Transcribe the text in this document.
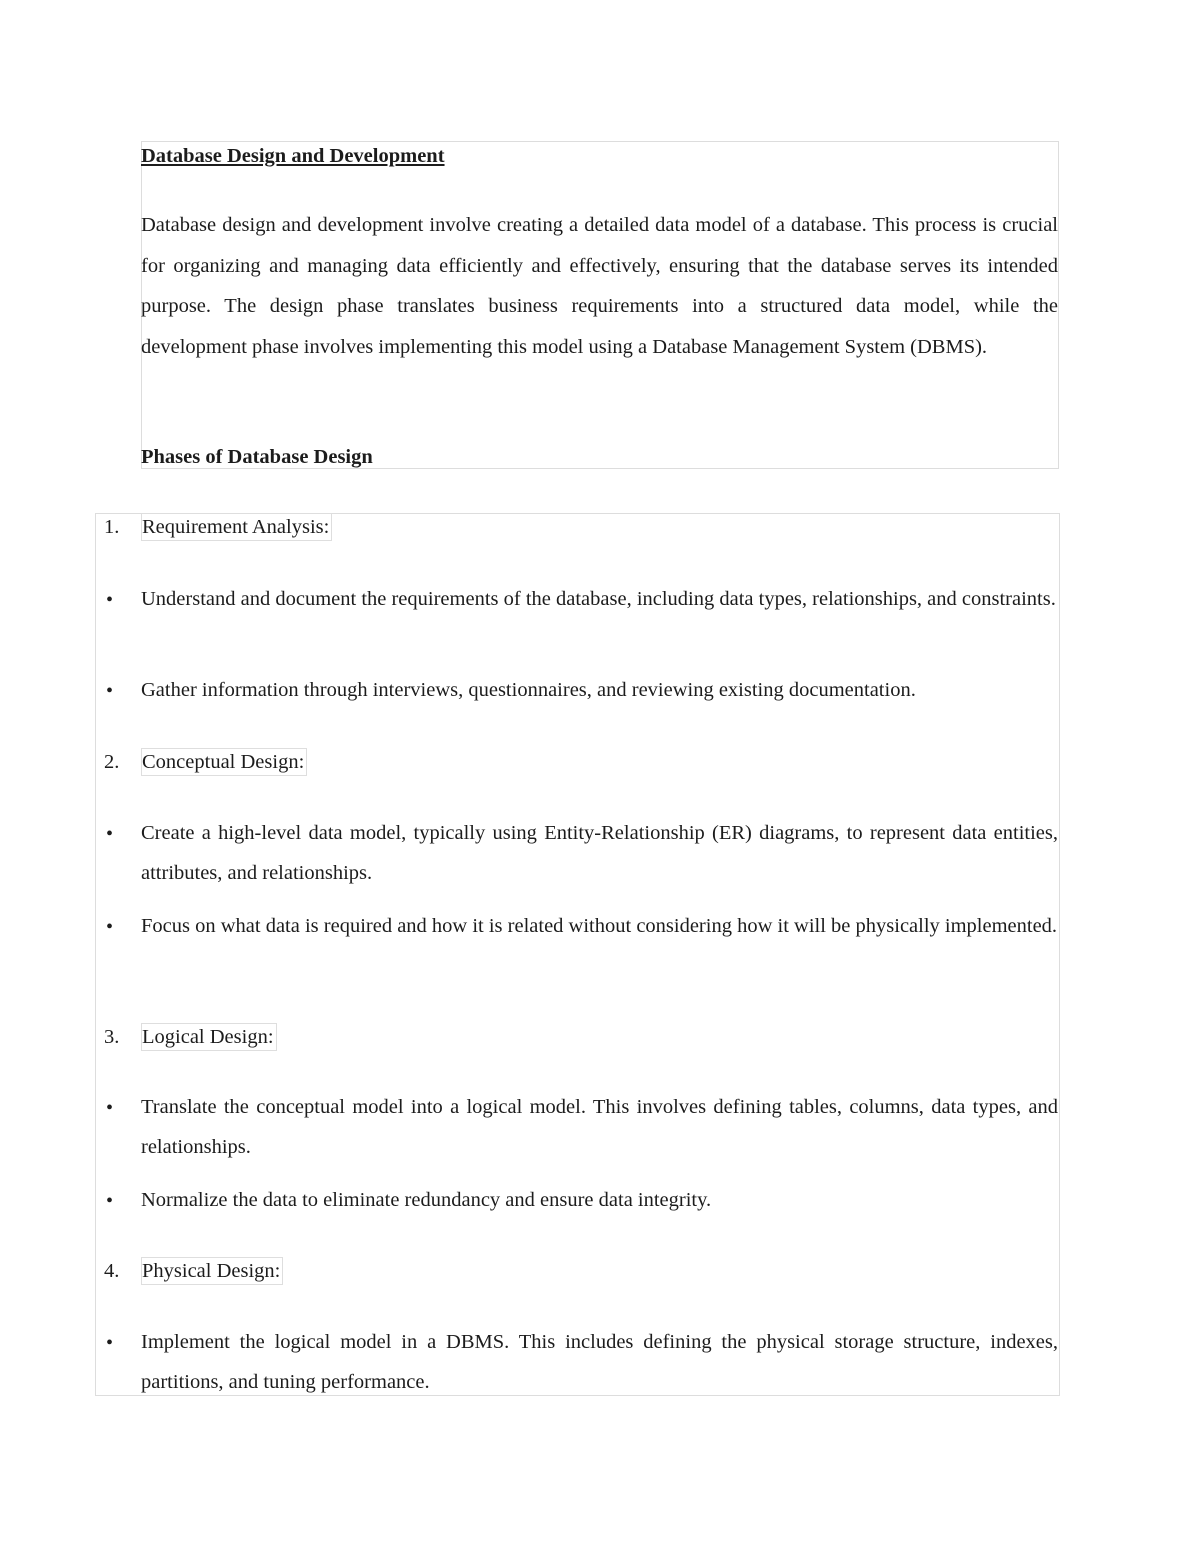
Database Design and Development

Database design and development involve creating a detailed data model of a database. This process is crucial for organizing and managing data efficiently and effectively, ensuring that the database serves its intended purpose. The design phase translates business requirements into a structured data model, while the development phase involves implementing this model using a Database Management System (DBMS).

Phases of Database Design
1. Requirement Analysis:
• Understand and document the requirements of the database, including data types, relationships, and constraints.

• Gather information through interviews, questionnaires, and reviewing existing documentation.

2. Conceptual Design:
• Create a high-level data model, typically using Entity-Relationship (ER) diagrams, to represent data entities, attributes, and relationships.

• Focus on what data is required and how it is related without considering how it will be physically implemented.

3. Logical Design:
• Translate the conceptual model into a logical model. This involves defining tables, columns, data types, and relationships.

• Normalize the data to eliminate redundancy and ensure data integrity.

4. Physical Design:
• Implement the logical model in a DBMS. This includes defining the physical storage structure, indexes, partitions, and tuning performance.
